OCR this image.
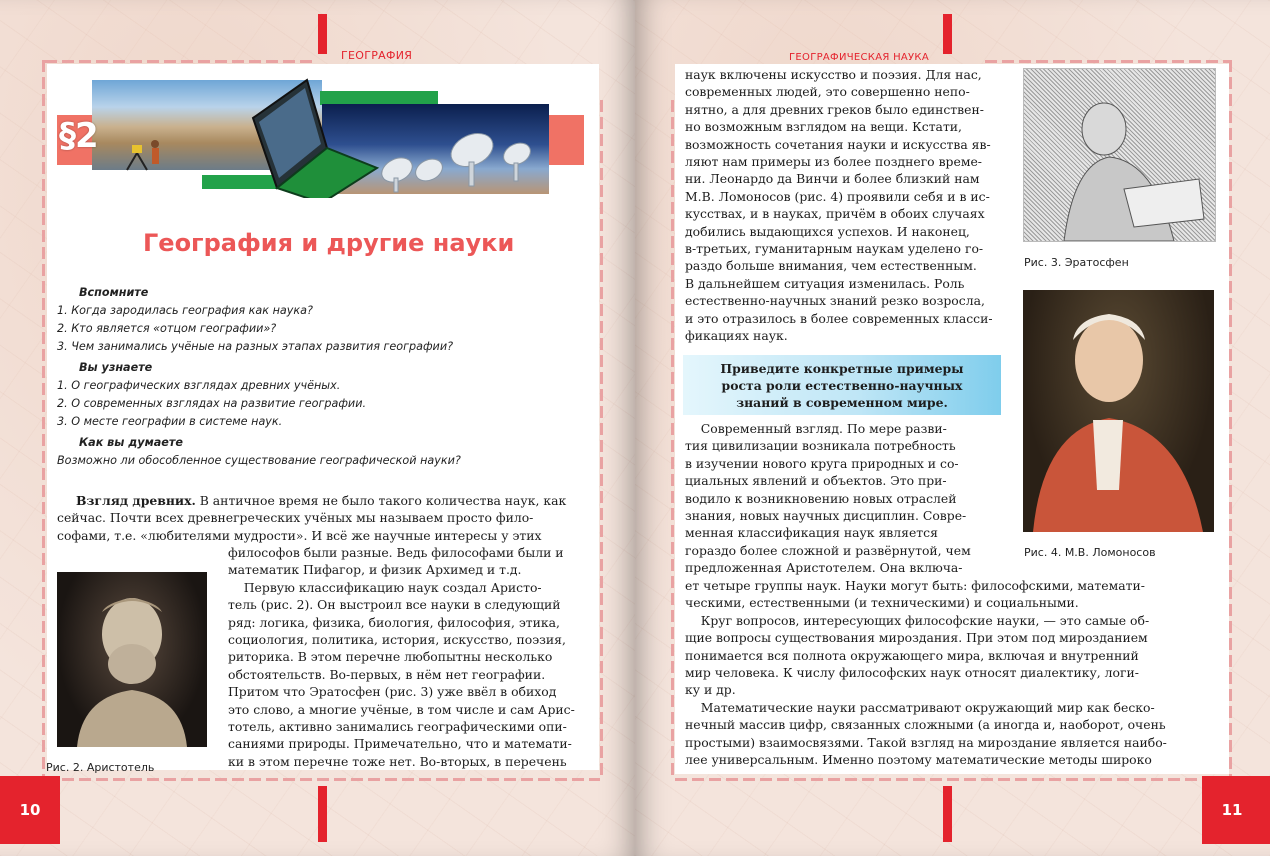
ГЕОГРАФИЯ
10
§2
География и другие науки
Вспомните
1. Когда зародилась география как наука?
2. Кто является «отцом географии»?
3. Чем занимались учёные на разных этапах развития географии?
Вы узнаете
1. О географических взглядах древних учёных.
2. О современных взглядах на развитие географии.
3. О месте географии в системе наук.
Как вы думаете
Возможно ли обособленное существование географической науки?

Взгляд древних. В античное время не было такого количества наук, как

сейчас. Почти всех древнегреческих учёных мы называем просто фило-

софами, т.е. «любителями мудрости». И всё же научные интересы у этих

Рис. 2. Аристотель

философов были разные. Ведь философами были и

математик Пифагор, и физик Архимед и т.д.

Первую классификацию наук создал Аристо-

тель (рис. 2). Он выстроил все науки в следующий

ряд: логика, физика, биология, философия, этика,

социология, политика, история, искусство, поэзия,

риторика. В этом перечне любопытны несколько

обстоятельств. Во-первых, в нём нет географии.

Притом что Эратосфен (рис. 3) уже ввёл в обиход

это слово, а многие учёные, в том числе и сам Арис-

тотель, активно занимались географическими опи-

саниями природы. Примечательно, что и математи-

ки в этом перечне тоже нет. Во-вторых, в перечень

ГЕОГРАФИЧЕСКАЯ НАУКА
11

наук включены искусство и поэзия. Для нас,

современных людей, это совершенно непо-

нятно, а для древних греков было единствен-

но возможным взглядом на вещи. Кстати,

возможность сочетания науки и искусства яв-

ляют нам примеры из более позднего време-

ни. Леонардо да Винчи и более близкий нам

М.В. Ломоносов (рис. 4) проявили себя и в ис-

кусствах, и в науках, причём в обоих случаях

добились выдающихся успехов. И наконец,

в-третьих, гуманитарным наукам уделено го-

раздо больше внимания, чем естественным.

В дальнейшем ситуация изменилась. Роль

естественно-научных знаний резко возросла,

и это отразилось в более современных класси-

фикациях наук.

Приведите конкретные примеры
роста роли естественно-научных
знаний в современном мире.

Современный взгляд. По мере разви-

тия цивилизации возникала потребность

в изучении нового круга природных и со-

циальных явлений и объектов. Это при-

водило к возникновению новых отраслей

знания, новых научных дисциплин. Совре-

менная классификация наук является

гораздо более сложной и развёрнутой, чем

предложенная Аристотелем. Она включа-

Рис. 3. Эратосфен
Рис. 4. М.В. Ломоносов

ет четыре группы наук. Науки могут быть: философскими, математи-

ческими, естественными (и техническими) и социальными.

Круг вопросов, интересующих философские науки, — это самые об-

щие вопросы существования мироздания. При этом под мирозданием

понимается вся полнота окружающего мира, включая и внутренний

мир человека. К числу философских наук относят диалектику, логи-

ку и др.

Математические науки рассматривают окружающий мир как беско-

нечный массив цифр, связанных сложными (а иногда и, наоборот, очень

простыми) взаимосвязями. Такой взгляд на мироздание является наибо-

лее универсальным. Именно поэтому математические методы широко
